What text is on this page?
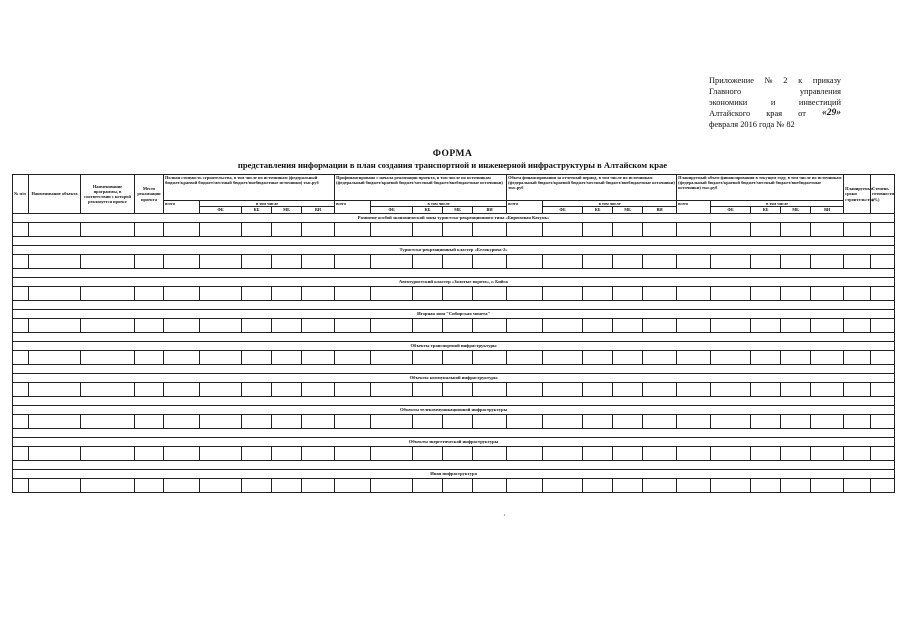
Приложение № 2 к приказу
Главного	управления
экономики	и	инвестиций
Алтайского края от «29»
февраля 2016 года № 82
ФОРМА
представления информации в план создания транспортной и инженерной инфраструктуры в Алтайском крае
№ п/п	Наименование объекта	Наименование программы, в соответствии с которой реализуется проект	Место реализации проекта	Полная стоимость строительства, в том числе по источникам (федеральный бюджет/краевой бюджет/местный бюджет/внебюджетные источники) тыс.руб					Профинансировано с начала реализации проекта, в том числе по источникам (федеральный бюджет/краевой бюджет/местный бюджет/внебюджетные источники)					Объем финансирования за отчетный период, в том числе по источникам (федеральный бюджет/краевой бюджет/местный бюджет/внебюджетные источники) тыс.руб					Планируемый объем финансирования в текущем году, в том числе по источникам (федеральный бюджет/краевой бюджет/местный бюджет/внебюджетные источники) тыс.руб					Планируемые сроки строительства	Степень готовности (%)
				всего	в том числе				всего	в том числе				всего	в том числе				всего	в том числе					
					ФБ	КБ	МБ	ВИ		ФБ	КБ	МБ	ВИ		ФБ	КБ	МБ	ВИ		ФБ	КБ	МБ	ВИ		
Развитие особой экономической зоны туристско-рекреационного типа «Бирюзовая Катунь»																									

Туристско-рекреационный кластер «Белокуриха-2»																									

Автотуристский кластер «Золотые ворота», г. Бийск																									

Игорная зона "Сибирская монета"																									

Объекты транспортной инфраструктуры																									

Объекты коммунальной инфраструктуры																									

Объекты телекоммуникационной инфраструктуры																									

Объекты энергетической инфраструктуры																									

Иная инфраструктура																									

·
